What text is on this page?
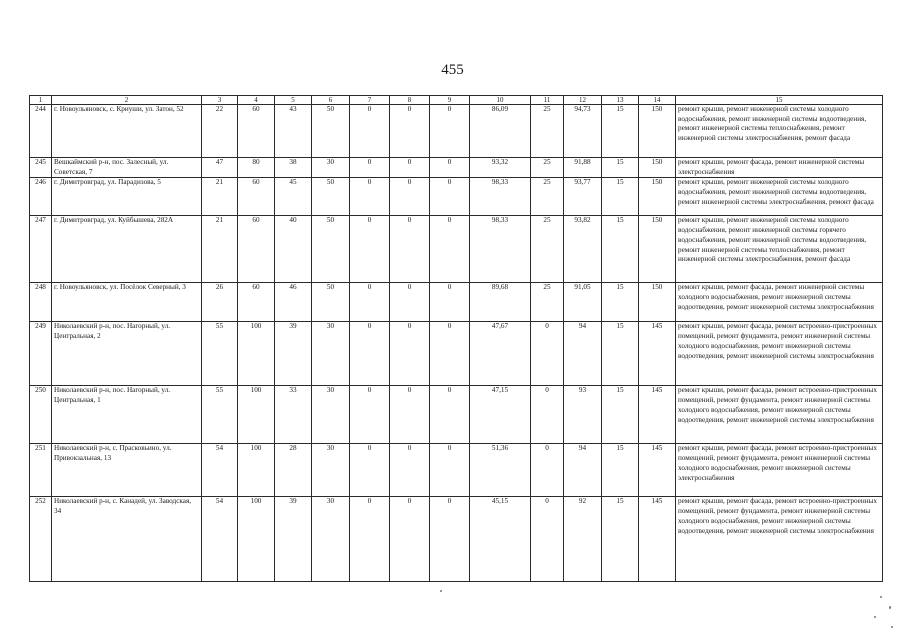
455
1	2	3	4	5	6	7	8	9	10	11	12	13	14	15
244	г. Новоульяновск, с. Криуши, ул. Затон, 52	22	60	43	50	0	0	0	86,09	25	94,73	15	150	ремонт крыши, ремонт инженерной системы холодного водоснабжения, ремонт инженерной системы водоотведения, ремонт инженерной системы теплоснабжения, ремонт инженерной системы электроснабжения, ремонт фасада
245	Вешкаймский р-н, пос. Залесный, ул. Советская, 7	47	80	38	30	0	0	0	93,32	25	91,88	15	150	ремонт крыши, ремонт фасада, ремонт инженерной системы электроснабжения
246	г. Димитровград, ул. Парадизова, 5	21	60	45	50	0	0	0	98,33	25	93,77	15	150	ремонт крыши, ремонт инженерной системы холодного водоснабжения, ремонт инженерной системы водоотведения, ремонт инженерной системы электроснабжения, ремонт фасада
247	г. Димитровград, ул. Куйбышева, 282А	21	60	40	50	0	0	0	98,33	25	93,82	15	150	ремонт крыши, ремонт инженерной системы холодного водоснабжения, ремонт инженерной системы горячего водоснабжения, ремонт инженерной системы водоотведения, ремонт инженерной системы теплоснабжения, ремонт инженерной системы электроснабжения, ремонт фасада
248	г. Новоульяновск, ул. Посёлок Северный, 3	26	60	46	50	0	0	0	89,68	25	91,05	15	150	ремонт крыши, ремонт фасада, ремонт инженерной системы холодного водоснабжения, ремонт инженерной системы водоотведения, ремонт инженерной системы электроснабжения
249	Николаевский р-н, пос. Нагорный, ул. Центральная, 2	55	100	39	30	0	0	0	47,67	0	94	15	145	ремонт крыши, ремонт фасада, ремонт встроенно-пристроенных помещений, ремонт фундамента, ремонт инженерной системы холодного водоснабжения, ремонт инженерной системы водоотведения, ремонт инженерной системы электроснабжения
250	Николаевский р-н, пос. Нагорный, ул. Центральная, 1	55	100	33	30	0	0	0	47,15	0	93	15	145	ремонт крыши, ремонт фасада, ремонт встроенно-пристроенных помещений, ремонт фундамента, ремонт инженерной системы холодного водоснабжения, ремонт инженерной системы водоотведения, ремонт инженерной системы электроснабжения
251	Николаевский р-н, с. Прасковьино, ул. Привокзальная, 13	54	100	28	30	0	0	0	51,36	0	94	15	145	ремонт крыши, ремонт фасада, ремонт встроенно-пристроенных помещений, ремонт фундамента, ремонт инженерной системы холодного водоснабжения, ремонт инженерной системы электроснабжения
252	Николаевский р-н, с. Канадей, ул. Заводская, 34	54	100	39	30	0	0	0	45,15	0	92	15	145	ремонт крыши, ремонт фасада, ремонт встроенно-пристроенных помещений, ремонт фундамента, ремонт инженерной системы холодного водоснабжения, ремонт инженерной системы водоотведения, ремонт инженерной системы электроснабжения
